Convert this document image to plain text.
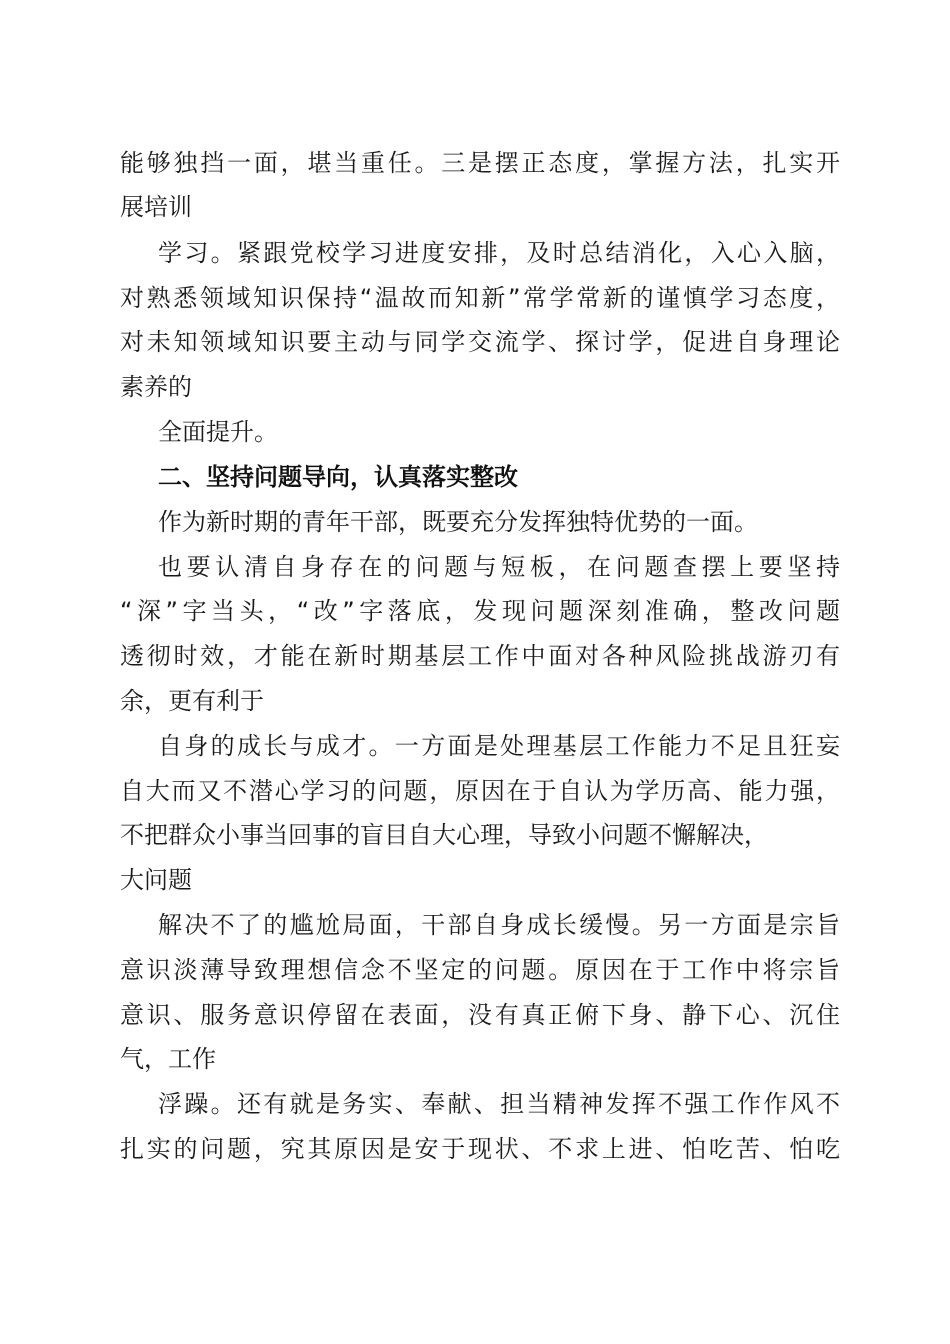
能够独挡一面，堪当重任。三是摆正态度，掌握方法，扎实开
展培训
学习。紧跟党校学习进度安排，及时总结消化，入心入脑，
对熟悉领域知识保持“温故而知新”常学常新的谨慎学习态度，
对未知领域知识要主动与同学交流学、探讨学，促进自身理论
素养的
全面提升。
二、坚持问题导向，认真落实整改
作为新时期的青年干部，既要充分发挥独特优势的一面。
也要认清自身存在的问题与短板，在问题查摆上要坚持
“深”字当头，“改”字落底，发现问题深刻准确，整改问题
透彻时效，才能在新时期基层工作中面对各种风险挑战游刃有
余，更有利于
自身的成长与成才。一方面是处理基层工作能力不足且狂妄
自大而又不潜心学习的问题，原因在于自认为学历高、能力强，
不把群众小事当回事的盲目自大心理，导致小问题不懈解决，
大问题
解决不了的尴尬局面，干部自身成长缓慢。另一方面是宗旨
意识淡薄导致理想信念不坚定的问题。原因在于工作中将宗旨
意识、服务意识停留在表面，没有真正俯下身、静下心、沉住
气，工作
浮躁。还有就是务实、奉献、担当精神发挥不强工作作风不
扎实的问题，究其原因是安于现状、不求上进、怕吃苦、怕吃
